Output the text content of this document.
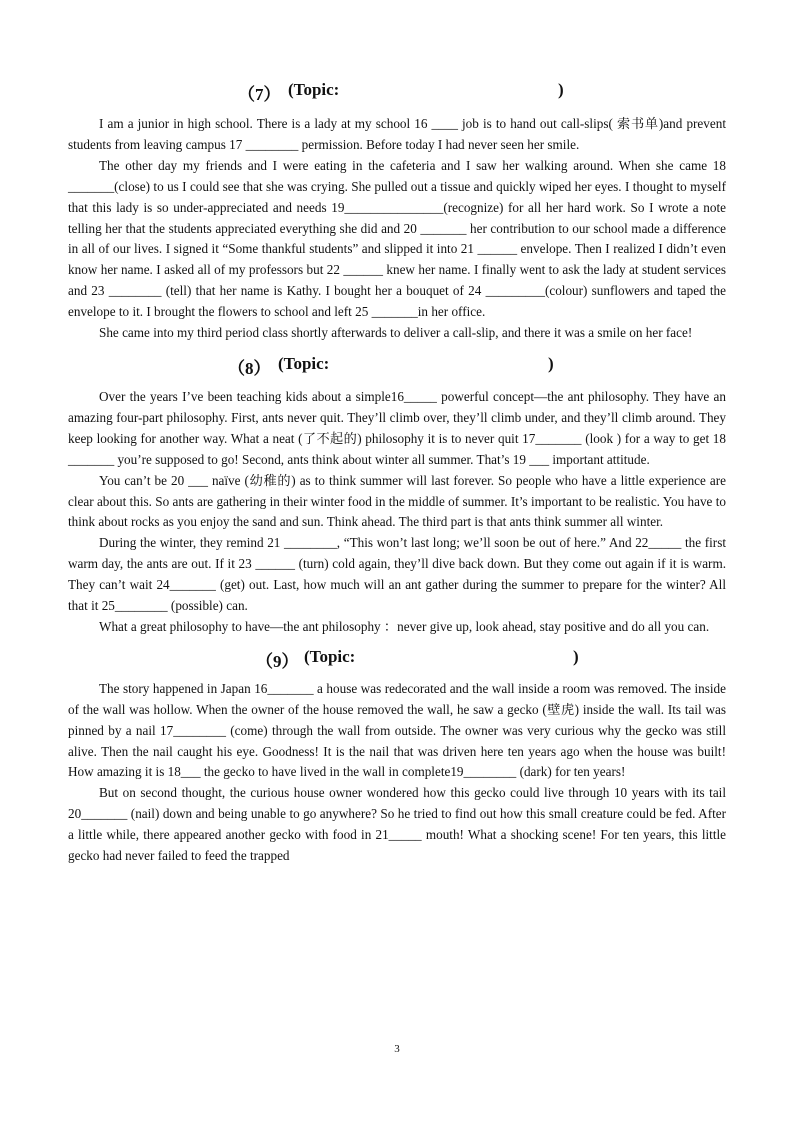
（7） (Topic:	)

I am a junior in high school. There is a lady at my school 16 ____ job is to hand out call-slips( 索书单)and prevent students from leaving campus 17 ________ permission. Before today I had never seen her smile.

The other day my friends and I were eating in the cafeteria and I saw her walking around. When she came 18 _______(close) to us I could see that she was crying. She pulled out a tissue and quickly wiped her eyes. I thought to myself that this lady is so under-appreciated and needs 19_______________(recognize) for all her hard work. So I wrote a note telling her that the students appreciated everything she did and 20 _______ her contribution to our school made a difference in all of our lives. I signed it “Some thankful students” and slipped it into 21 ______ envelope. Then I realized I didn’t even know her name. I asked all of my professors but 22 ______ knew her name. I finally went to ask the lady at student services and 23 ________ (tell) that her name is Kathy. I bought her a bouquet of 24 _________(colour) sunflowers and taped the envelope to it. I brought the flowers to school and left 25 _______in her office.

She came into my third period class shortly afterwards to deliver a call-slip, and there it was a smile on her face!

（8） (Topic:	)

Over the years I’ve been teaching kids about a simple16_____ powerful concept—the ant philosophy. They have an amazing four-part philosophy. First, ants never quit. They’ll climb over, they’ll climb under, and they’ll climb around. They keep looking for another way. What a neat (了不起的) philosophy it is to never quit 17_______ (look ) for a way to get 18 _______ you’re supposed to go! Second, ants think about winter all summer. That’s 19 ___ important attitude.

You can’t be 20 ___ naïve (幼稚的) as to think summer will last forever. So people who have a little experience are clear about this. So ants are gathering in their winter food in the middle of summer. It’s important to be realistic. You have to think about rocks as you enjoy the sand and sun. Think ahead. The third part is that ants think summer all winter.

During the winter, they remind 21 ________, “This won’t last long; we’ll soon be out of here.” And 22_____ the first warm day, the ants are out. If it 23 ______ (turn) cold again, they’ll dive back down. But they come out again if it is warm. They can’t wait 24_______ (get) out. Last, how much will an ant gather during the summer to prepare for the winter? All that it 25________ (possible) can.

What a great philosophy to have—the ant philosophy ：never give up, look ahead, stay positive and do all you can.

（9） (Topic:	)

The story happened in Japan 16_______ a house was redecorated and the wall inside a room was removed. The inside of the wall was hollow. When the owner of the house removed the wall, he saw a gecko (壁虎) inside the wall. Its tail was pinned by a nail 17________ (come) through the wall from outside. The owner was very curious why the gecko was still alive. Then the nail caught his eye. Goodness! It is the nail that was driven here ten years ago when the house was built! How amazing it is 18___ the gecko to have lived in the wall in complete19________ (dark) for ten years!

But on second thought, the curious house owner wondered how this gecko could live through 10 years with its tail 20_______ (nail) down and being unable to go anywhere? So he tried to find out how this small creature could be fed. After a little while, there appeared another gecko with food in 21_____ mouth! What a shocking scene! For ten years, this little gecko had never failed to feed the trapped

3
